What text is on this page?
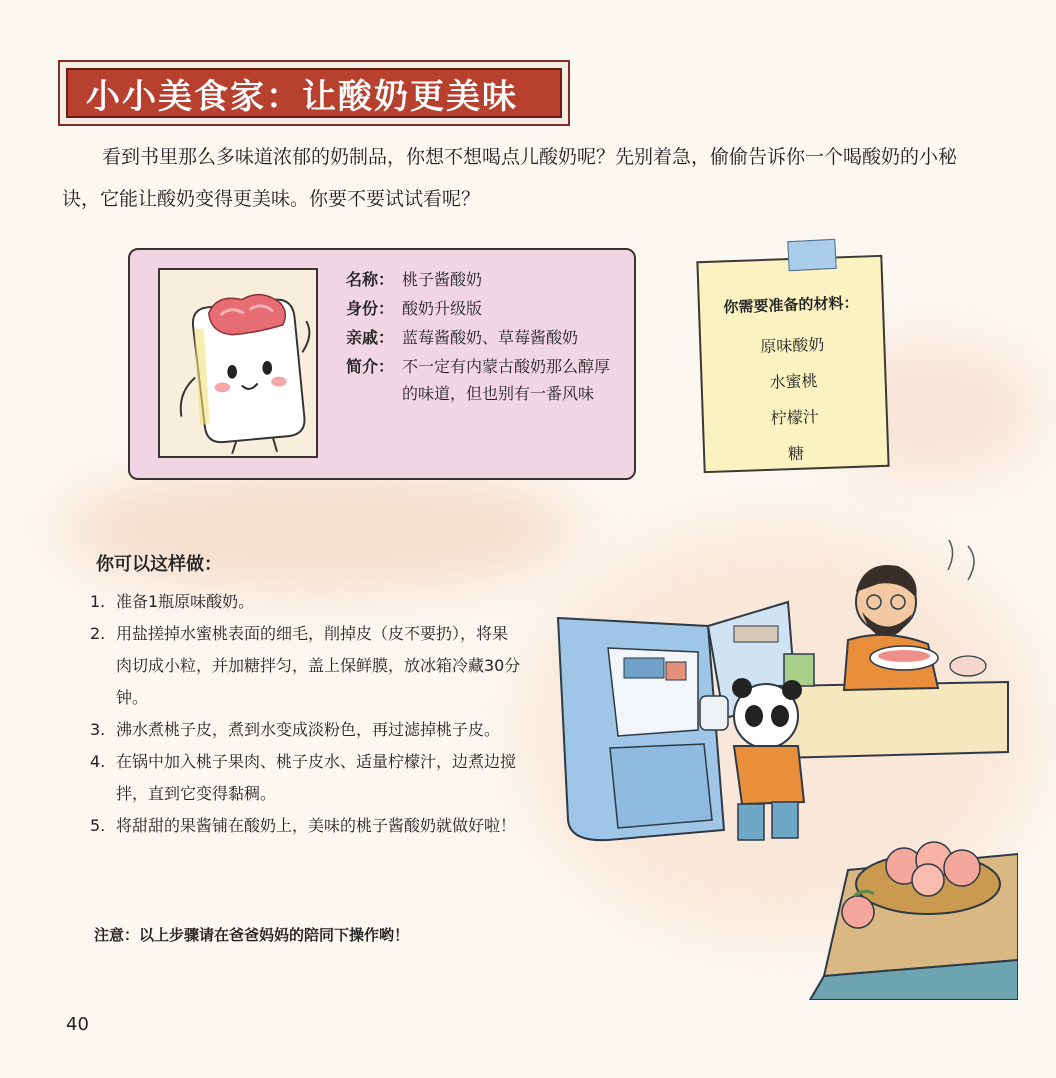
小小美食家：让酸奶更美味

看到书里那么多味道浓郁的奶制品，你想不想喝点儿酸奶呢？先别着急，偷偷告诉你一个喝酸奶的小秘诀，它能让酸奶变得更美味。你要不要试试看呢？

名称： 桃子酱酸奶
身份： 酸奶升级版
亲戚： 蓝莓酱酸奶、草莓酱酸奶
简介： 不一定有内蒙古酸奶那么醇厚的味道，但也别有一番风味
你需要准备的材料：
原味酸奶
水蜜桃
柠檬汁
糖
你可以这样做：
1. 准备1瓶原味酸奶。
2. 用盐搓掉水蜜桃表面的细毛，削掉皮（皮不要扔），将果肉切成小粒，并加糖拌匀，盖上保鲜膜，放冰箱冷藏30分钟。
3. 沸水煮桃子皮，煮到水变成淡粉色，再过滤掉桃子皮。
4. 在锅中加入桃子果肉、桃子皮水、适量柠檬汁，边煮边搅拌，直到它变得黏稠。
5. 将甜甜的果酱铺在酸奶上，美味的桃子酱酸奶就做好啦！
注意：以上步骤请在爸爸妈妈的陪同下操作哟！
40
